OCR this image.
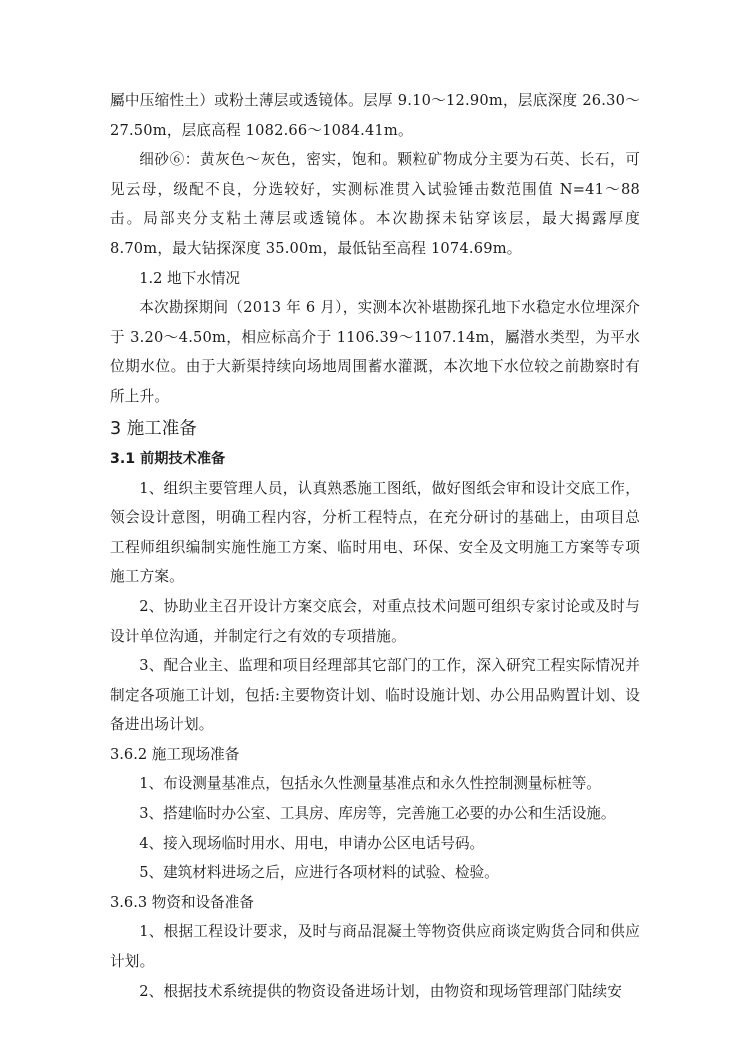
屬中压缩性土）或粉土薄层或透镜体。层厚 9.10～12.90m，层底深度 26.30～27.50m，层底高程 1082.66～1084.41m。

细砂⑥：黄灰色～灰色，密实，饱和。颗粒矿物成分主要为石英、长石，可见云母，级配不良，分选较好，实测标准贯入试验锤击数范围值 N=41～88 击。局部夹分支粘土薄层或透镜体。本次勘探未钻穿该层，最大揭露厚度 8.70m，最大钻探深度 35.00m，最低钻至高程 1074.69m。

1.2 地下水情况

本次勘探期间（2013 年 6 月），实测本次补堪勘探孔地下水稳定水位埋深介于 3.20～4.50m，相应标高介于 1106.39～1107.14m，屬潜水类型，为平水位期水位。由于大新渠持续向场地周围蓄水灌溉，本次地下水位较之前勘察时有所上升。

3 施工准备

3.1 前期技术准备

1、组织主要管理人员，认真熟悉施工图纸，做好图纸会审和设计交底工作，领会设计意图，明确工程内容，分析工程特点，在充分研讨的基础上，由项目总工程师组织编制实施性施工方案、临时用电、环保、安全及文明施工方案等专项施工方案。

2、协助业主召开设计方案交底会，对重点技术问题可组织专家讨论或及时与设计单位沟通，并制定行之有效的专项措施。

3、配合业主、监理和项目经理部其它部门的工作，深入研究工程实际情况并制定各项施工计划，包括:主要物资计划、临时设施计划、办公用品购置计划、设备进出场计划。

3.6.2 施工现场准备

1、布设测量基准点，包括永久性测量基准点和永久性控制测量标桩等。

3、搭建临时办公室、工具房、库房等，完善施工必要的办公和生活设施。

4、接入现场临时用水、用电，申请办公区电话号码。

5、建筑材料进场之后，应进行各项材料的试验、检验。

3.6.3 物资和设备准备

1、根据工程设计要求，及时与商品混凝土等物资供应商谈定购货合同和供应计划。

2、根据技术系统提供的物资设备进场计划，由物资和现场管理部门陆续安
